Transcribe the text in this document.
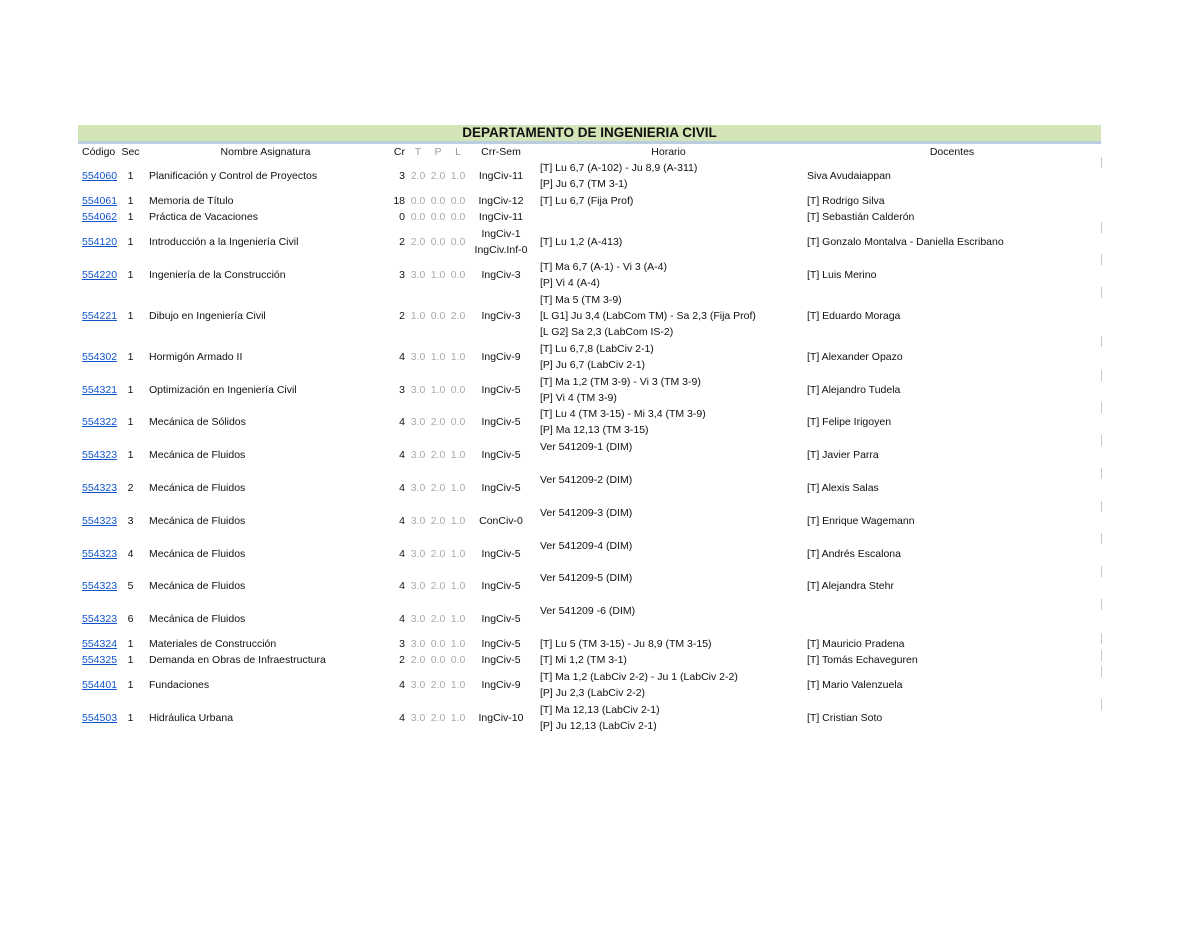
DEPARTAMENTO DE INGENIERIA CIVIL
Código	Sec	Nombre Asignatura	Cr	T	P	L	Crr-Sem	Horario	Docentes
554060	1	Planificación y Control de Proyectos	3	2.0	2.0	1.0	IngCiv-11	[T] Lu 6,7 (A-102) - Ju 8,9 (A-311)
[P] Ju 6,7 (TM 3-1)	Siva Avudaiappan
554061	1	Memoria de Título	18	0.0	0.0	0.0	IngCiv-12	[T] Lu 6,7 (Fija Prof)	[T] Rodrigo Silva
554062	1	Práctica de Vacaciones	0	0.0	0.0	0.0	IngCiv-11		[T] Sebastián Calderón
554120	1	Introducción a la Ingeniería Civil	2	2.0	0.0	0.0	IngCiv-1
IngCiv.Inf-0	[T] Lu 1,2 (A-413)	[T] Gonzalo Montalva - Daniella Escribano
554220	1	Ingeniería de la Construcción	3	3.0	1.0	0.0	IngCiv-3	[T] Ma 6,7 (A-1) - Vi 3 (A-4)
[P] Vi 4 (A-4)	[T] Luis Merino
554221	1	Dibujo en Ingeniería Civil	2	1.0	0.0	2.0	IngCiv-3	[T] Ma 5 (TM 3-9)
[L G1] Ju 3,4 (LabCom TM) - Sa 2,3 (Fija Prof)
[L G2] Sa 2,3 (LabCom IS-2)	[T] Eduardo Moraga
554302	1	Hormigón Armado II	4	3.0	1.0	1.0	IngCiv-9	[T] Lu 6,7,8 (LabCiv 2-1)
[P] Ju 6,7 (LabCiv 2-1)	[T] Alexander Opazo
554321	1	Optimización en Ingeniería Civil	3	3.0	1.0	0.0	IngCiv-5	[T] Ma 1,2 (TM 3-9) - Vi 3 (TM 3-9)
[P] Vi 4 (TM 3-9)	[T] Alejandro Tudela
554322	1	Mecánica de Sólidos	4	3.0	2.0	0.0	IngCiv-5	[T] Lu 4 (TM 3-15) - Mi 3,4 (TM 3-9)
[P] Ma 12,13 (TM 3-15)	[T] Felipe Irigoyen
554323	1	Mecánica de Fluidos	4	3.0	2.0	1.0	IngCiv-5	Ver 541209-1 (DIM)	[T] Javier Parra
554323	2	Mecánica de Fluidos	4	3.0	2.0	1.0	IngCiv-5	Ver 541209-2 (DIM)	[T] Alexis Salas
554323	3	Mecánica de Fluidos	4	3.0	2.0	1.0	ConCiv-0	Ver 541209-3 (DIM)	[T] Enrique Wagemann
554323	4	Mecánica de Fluidos	4	3.0	2.0	1.0	IngCiv-5	Ver 541209-4 (DIM)	[T] Andrés Escalona
554323	5	Mecánica de Fluidos	4	3.0	2.0	1.0	IngCiv-5	Ver 541209-5 (DIM)	[T] Alejandra Stehr
554323	6	Mecánica de Fluidos	4	3.0	2.0	1.0	IngCiv-5	Ver 541209 -6 (DIM)	

554324	1	Materiales de Construcción	3	3.0	0.0	1.0	IngCiv-5	[T] Lu 5 (TM 3-15) - Ju 8,9 (TM 3-15)	[T] Mauricio Pradena
554325	1	Demanda en Obras de Infraestructura	2	2.0	0.0	0.0	IngCiv-5	[T] Mi 1,2 (TM 3-1)	[T] Tomás Echaveguren
554401	1	Fundaciones	4	3.0	2.0	1.0	IngCiv-9	[T] Ma 1,2 (LabCiv 2-2) - Ju 1 (LabCiv 2-2)
[P] Ju 2,3 (LabCiv 2-2)	[T] Mario Valenzuela
554503	1	Hidráulica Urbana	4	3.0	2.0	1.0	IngCiv-10	[T] Ma 12,13 (LabCiv 2-1)
[P] Ju 12,13 (LabCiv 2-1)	[T] Cristian Soto
